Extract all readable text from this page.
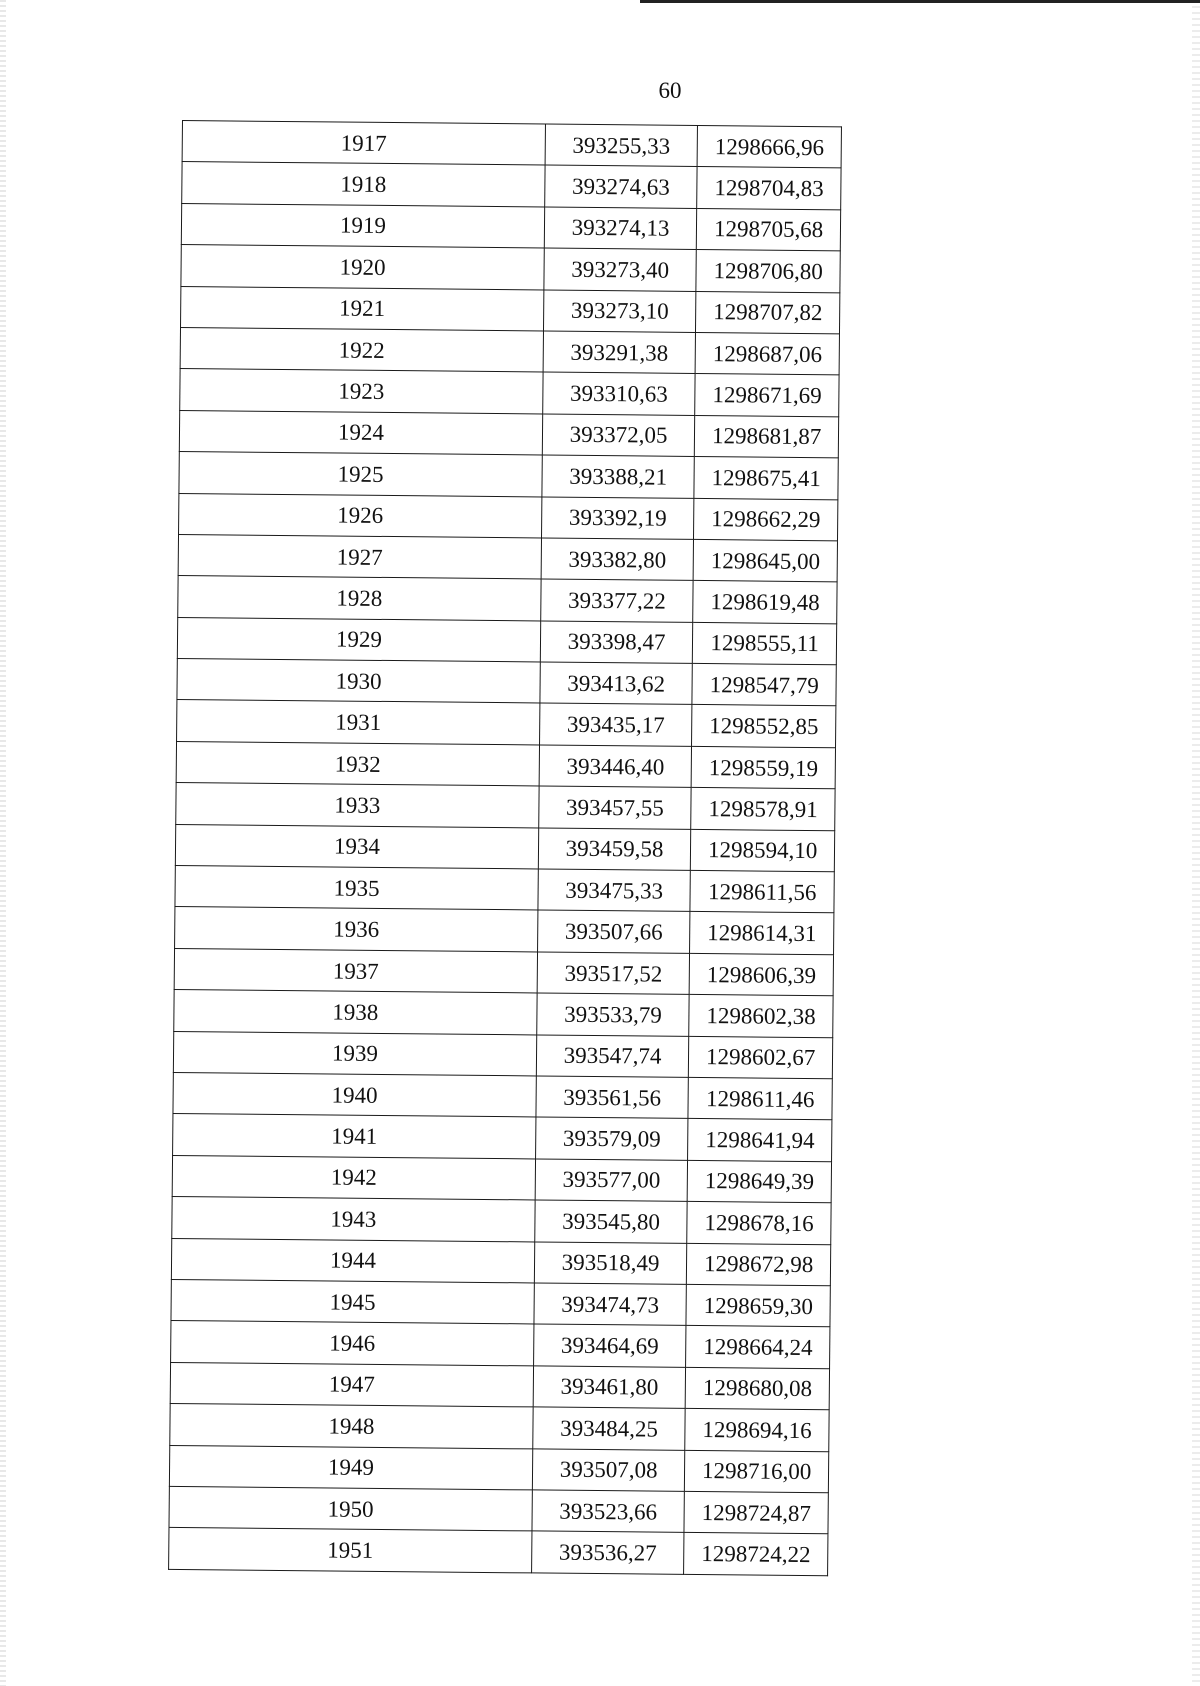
60
1917	393255,33	1298666,96
1918	393274,63	1298704,83
1919	393274,13	1298705,68
1920	393273,40	1298706,80
1921	393273,10	1298707,82
1922	393291,38	1298687,06
1923	393310,63	1298671,69
1924	393372,05	1298681,87
1925	393388,21	1298675,41
1926	393392,19	1298662,29
1927	393382,80	1298645,00
1928	393377,22	1298619,48
1929	393398,47	1298555,11
1930	393413,62	1298547,79
1931	393435,17	1298552,85
1932	393446,40	1298559,19
1933	393457,55	1298578,91
1934	393459,58	1298594,10
1935	393475,33	1298611,56
1936	393507,66	1298614,31
1937	393517,52	1298606,39
1938	393533,79	1298602,38
1939	393547,74	1298602,67
1940	393561,56	1298611,46
1941	393579,09	1298641,94
1942	393577,00	1298649,39
1943	393545,80	1298678,16
1944	393518,49	1298672,98
1945	393474,73	1298659,30
1946	393464,69	1298664,24
1947	393461,80	1298680,08
1948	393484,25	1298694,16
1949	393507,08	1298716,00
1950	393523,66	1298724,87
1951	393536,27	1298724,22
